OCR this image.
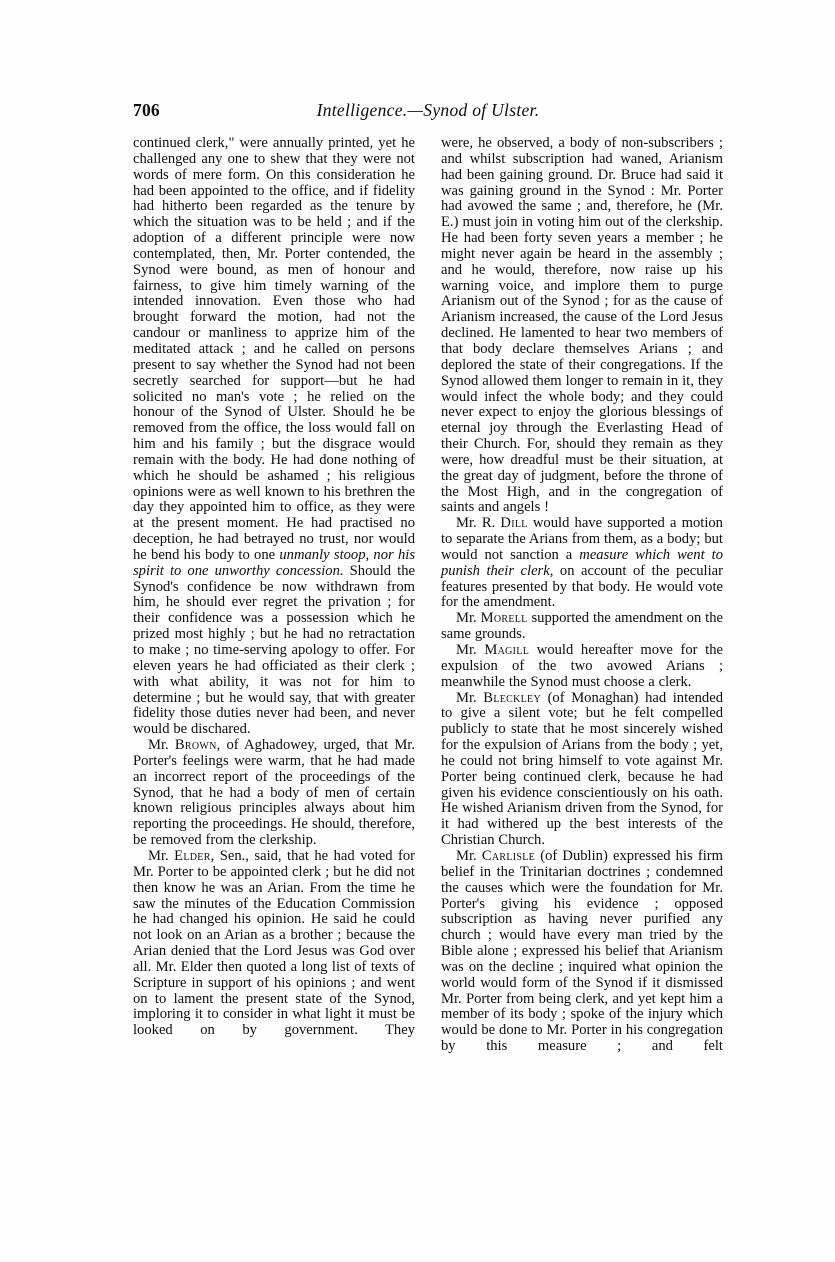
706	Intelligence.—Synod of Ulster.

continued clerk," were annually printed, yet he challenged any one to shew that they were not words of mere form. On this consideration he had been appointed to the office, and if fidelity had hitherto been regarded as the tenure by which the situation was to be held ; and if the adoption of a different principle were now contemplated, then, Mr. Porter contended, the Synod were bound, as men of honour and fairness, to give him timely warning of the intended innovation. Even those who had brought forward the motion, had not the candour or manliness to apprize him of the meditated attack ; and he called on persons present to say whether the Synod had not been secretly searched for support—but he had solicited no man's vote ; he relied on the honour of the Synod of Ulster. Should he be removed from the office, the loss would fall on him and his family ; but the disgrace would remain with the body. He had done nothing of which he should be ashamed ; his religious opinions were as well known to his brethren the day they appointed him to office, as they were at the present moment. He had practised no deception, he had betrayed no trust, nor would he bend his body to one unmanly stoop, nor his spirit to one unworthy concession. Should the Synod's confidence be now withdrawn from him, he should ever regret the privation ; for their confidence was a possession which he prized most highly ; but he had no retractation to make ; no time-serving apology to offer. For eleven years he had officiated as their clerk ; with what ability, it was not for him to determine ; but he would say, that with greater fidelity those duties never had been, and never would be dischared.

Mr. Brown, of Aghadowey, urged, that Mr. Porter's feelings were warm, that he had made an incorrect report of the proceedings of the Synod, that he had a body of men of certain known religious principles always about him reporting the proceedings. He should, therefore, be removed from the clerkship.

Mr. Elder, Sen., said, that he had voted for Mr. Porter to be appointed clerk ; but he did not then know he was an Arian. From the time he saw the minutes of the Education Commission he had changed his opinion. He said he could not look on an Arian as a brother ; because the Arian denied that the Lord Jesus was God over all. Mr. Elder then quoted a long list of texts of Scripture in support of his opinions ; and went on to lament the present state of the Synod, imploring it to consider in what light it must be looked on by government. They

were, he observed, a body of non-subscribers ; and whilst subscription had waned, Arianism had been gaining ground. Dr. Bruce had said it was gaining ground in the Synod : Mr. Porter had avowed the same ; and, therefore, he (Mr. E.) must join in voting him out of the clerkship. He had been forty seven years a member ; he might never again be heard in the assembly ; and he would, therefore, now raise up his warning voice, and implore them to purge Arianism out of the Synod ; for as the cause of Arianism increased, the cause of the Lord Jesus declined. He lamented to hear two members of that body declare themselves Arians ; and deplored the state of their congregations. If the Synod allowed them longer to remain in it, they would infect the whole body; and they could never expect to enjoy the glorious blessings of eternal joy through the Everlasting Head of their Church. For, should they remain as they were, how dreadful must be their situation, at the great day of judgment, before the throne of the Most High, and in the congregation of saints and angels !

Mr. R. Dill would have supported a motion to separate the Arians from them, as a body; but would not sanction a measure which went to punish their clerk, on account of the peculiar features presented by that body. He would vote for the amendment.

Mr. Morell supported the amendment on the same grounds.

Mr. Magill would hereafter move for the expulsion of the two avowed Arians ; meanwhile the Synod must choose a clerk.

Mr. Bleckley (of Monaghan) had intended to give a silent vote; but he felt compelled publicly to state that he most sincerely wished for the expulsion of Arians from the body ; yet, he could not bring himself to vote against Mr. Porter being continued clerk, because he had given his evidence conscientiously on his oath. He wished Arianism driven from the Synod, for it had withered up the best interests of the Christian Church.

Mr. Carlisle (of Dublin) expressed his firm belief in the Trinitarian doctrines ; condemned the causes which were the foundation for Mr. Porter's giving his evidence ; opposed subscription as having never purified any church ; would have every man tried by the Bible alone ; expressed his belief that Arianism was on the decline ; inquired what opinion the world would form of the Synod if it dismissed Mr. Porter from being clerk, and yet kept him a member of its body ; spoke of the injury which would be done to Mr. Porter in his congregation by this measure ; and felt
